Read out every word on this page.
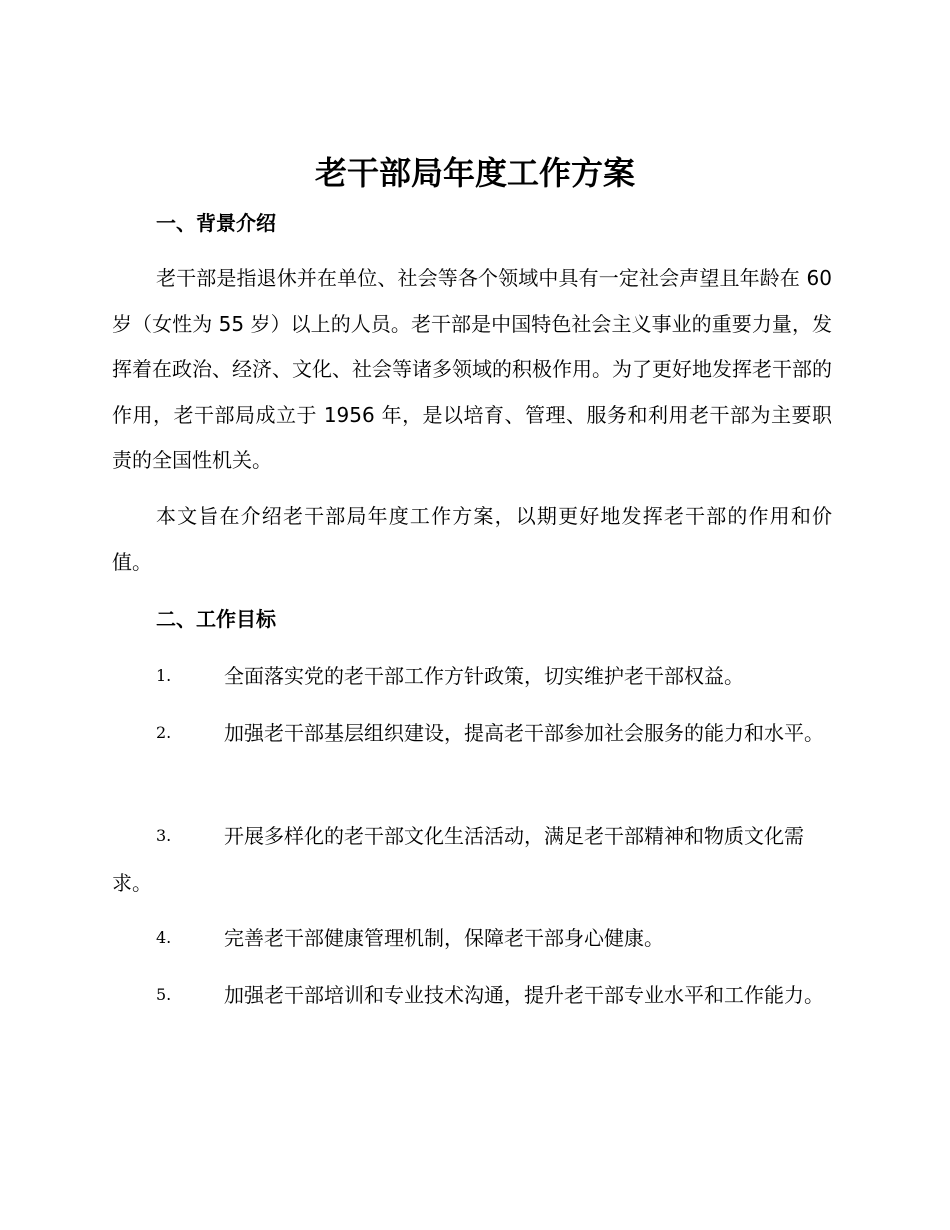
老干部局年度工作方案
一、背景介绍

老干部是指退休并在单位、社会等各个领域中具有一定社会声望且年龄在 60 岁（女性为 55 岁）以上的人员。老干部是中国特色社会主义事业的重要力量，发挥着在政治、经济、文化、社会等诸多领域的积极作用。为了更好地发挥老干部的作用，老干部局成立于 1956 年，是以培育、管理、服务和利用老干部为主要职责的全国性机关。

本文旨在介绍老干部局年度工作方案，以期更好地发挥老干部的作用和价值。

二、工作目标

1.	全面落实党的老干部工作方针政策，切实维护老干部权益。

2.	加强老干部基层组织建设，提高老干部参加社会服务的能力和水平。

3.	开展多样化的老干部文化生活活动，满足老干部精神和物质文化需求。

4.	完善老干部健康管理机制，保障老干部身心健康。

5.	加强老干部培训和专业技术沟通，提升老干部专业水平和工作能力。
